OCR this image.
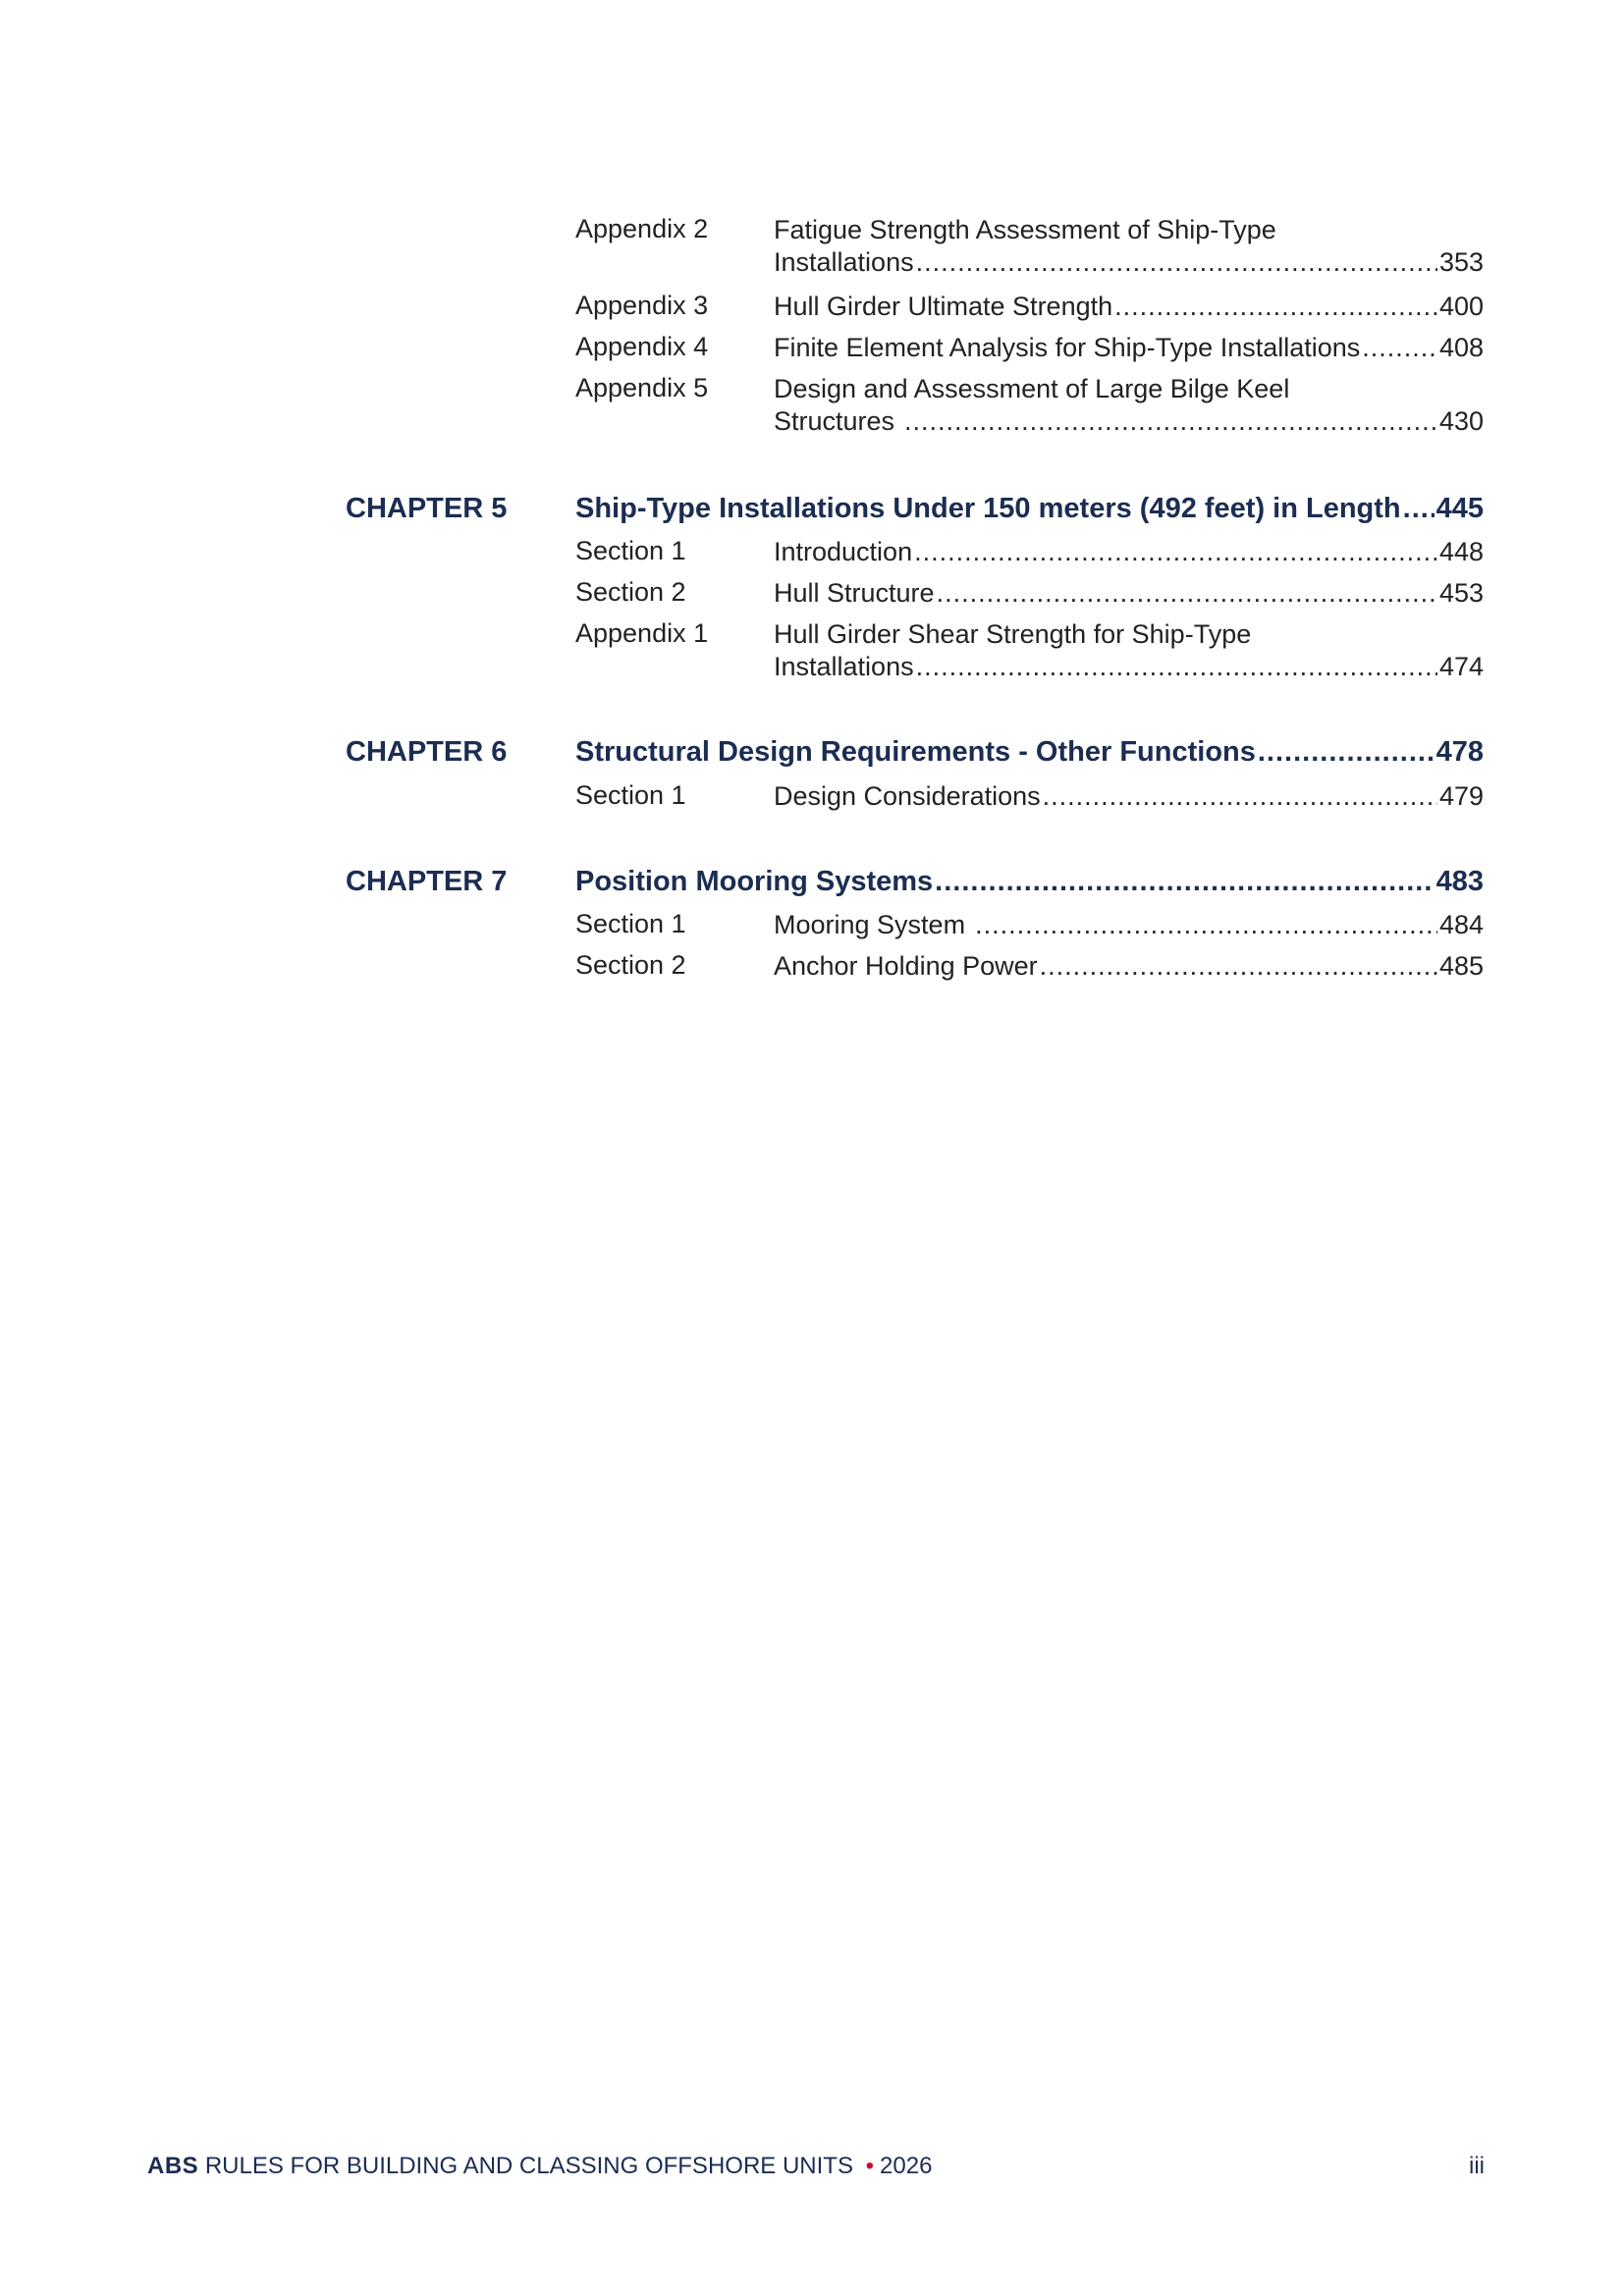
Appendix 2 Fatigue Strength Assessment of Ship-Type
Installations .....	353
Appendix 3 Hull Girder Ultimate Strength .....	400
Appendix 4 Finite Element Analysis for Ship-Type Installations .....	408
Appendix 5 Design and Assessment of Large Bilge Keel
Structures .....	430
CHAPTER 5 Ship-Type Installations Under 150 meters (492 feet) in Length ..... 445
Section 1	Introduction .....	448
Section 2	Hull Structure .....	453
Appendix 1 Hull Girder Shear Strength for Ship-Type
Installations .....	474
CHAPTER 6 Structural Design Requirements - Other Functions .....	478
Section 1	Design Considerations .....	479
CHAPTER 7 Position Mooring Systems .....	483
Section 1	Mooring System .....	484
Section 2	Anchor Holding Power .....	485
ABS RULES FOR BUILDING AND CLASSING OFFSHORE UNITS • 2026	iii
